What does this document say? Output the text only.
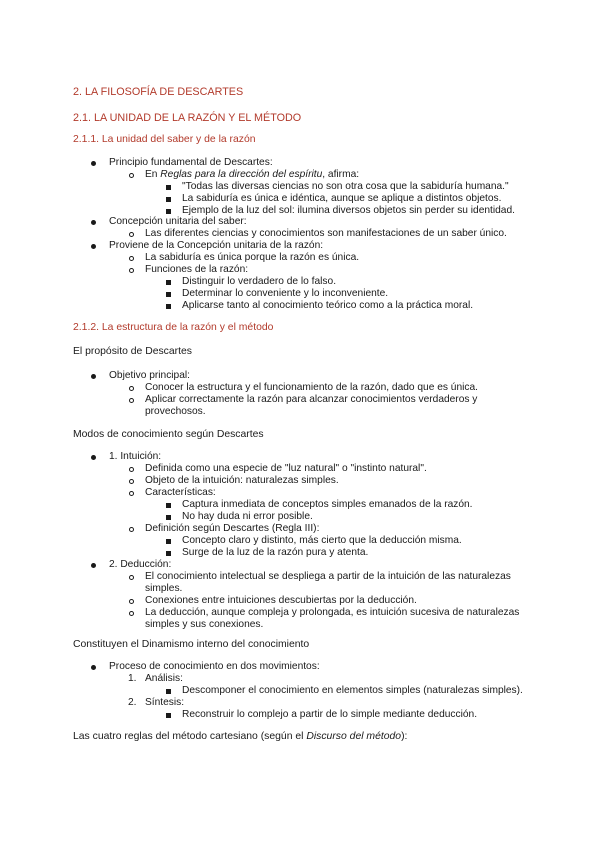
2. LA FILOSOFÍA DE DESCARTES
2.1. LA UNIDAD DE LA RAZÓN Y EL MÉTODO
2.1.1. La unidad del saber y de la razón
Principio fundamental de Descartes:
En Reglas para la dirección del espíritu, afirma:
"Todas las diversas ciencias no son otra cosa que la sabiduría humana."
La sabiduría es única e idéntica, aunque se aplique a distintos objetos.
Ejemplo de la luz del sol: ilumina diversos objetos sin perder su identidad.
Concepción unitaria del saber:
Las diferentes ciencias y conocimientos son manifestaciones de un saber único.
Proviene de la Concepción unitaria de la razón:
La sabiduría es única porque la razón es única.
Funciones de la razón:
Distinguir lo verdadero de lo falso.
Determinar lo conveniente y lo inconveniente.
Aplicarse tanto al conocimiento teórico como a la práctica moral.
2.1.2. La estructura de la razón y el método
El propósito de Descartes
Objetivo principal:
Conocer la estructura y el funcionamiento de la razón, dado que es única.
Aplicar correctamente la razón para alcanzar conocimientos verdaderos y
provechosos.
Modos de conocimiento según Descartes
1. Intuición:
Definida como una especie de "luz natural" o "instinto natural".
Objeto de la intuición: naturalezas simples.
Características:
Captura inmediata de conceptos simples emanados de la razón.
No hay duda ni error posible.
Definición según Descartes (Regla III):
Concepto claro y distinto, más cierto que la deducción misma.
Surge de la luz de la razón pura y atenta.
2. Deducción:
El conocimiento intelectual se despliega a partir de la intuición de las naturalezas
simples.
Conexiones entre intuiciones descubiertas por la deducción.
La deducción, aunque compleja y prolongada, es intuición sucesiva de naturalezas
simples y sus conexiones.
Constituyen el Dinamismo interno del conocimiento
Proceso de conocimiento en dos movimientos:
1. Análisis:
Descomponer el conocimiento en elementos simples (naturalezas simples).
2. Síntesis:
Reconstruir lo complejo a partir de lo simple mediante deducción.
Las cuatro reglas del método cartesiano (según el Discurso del método):
